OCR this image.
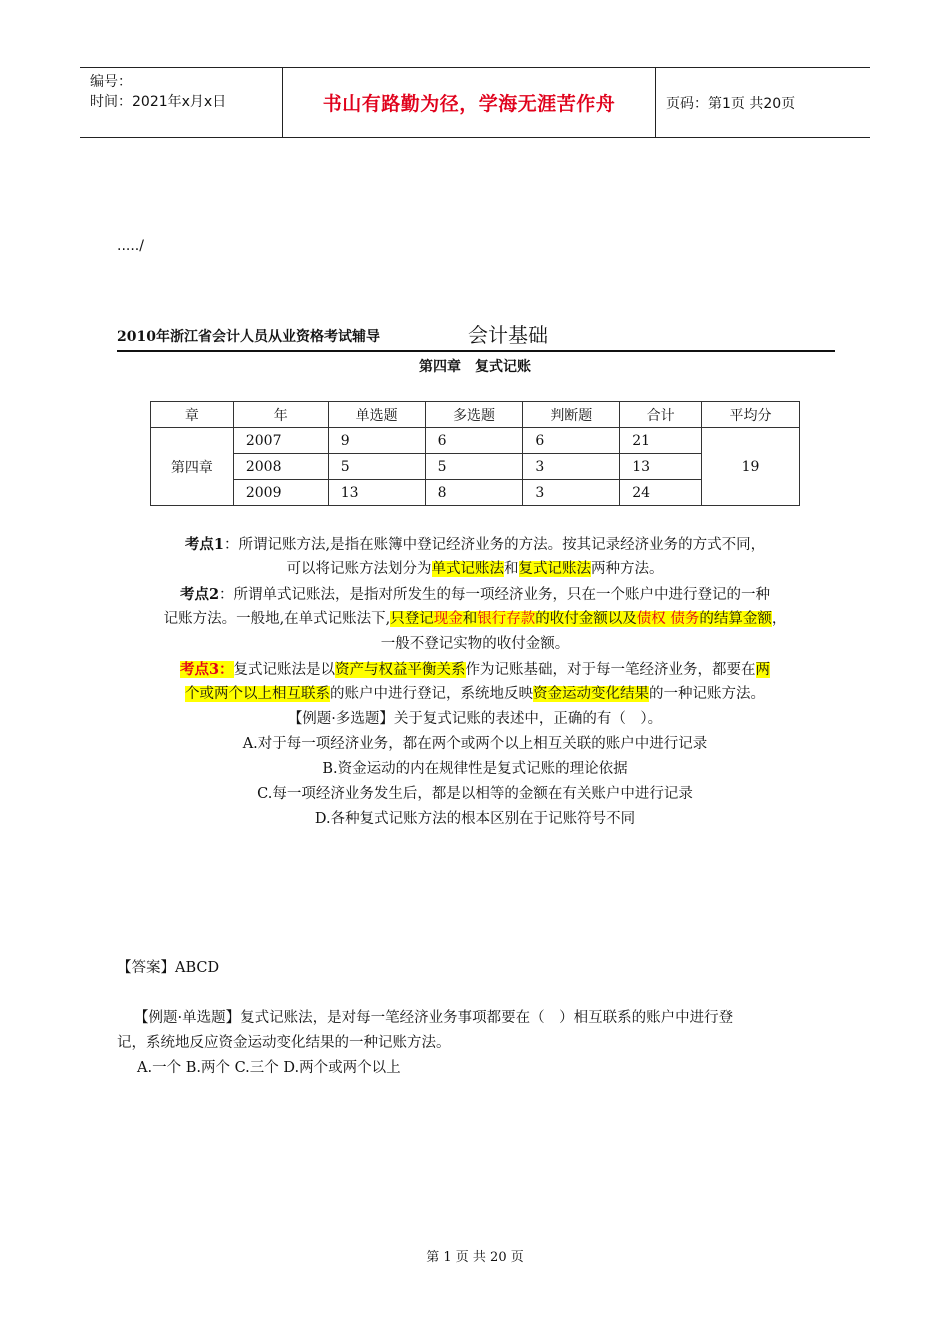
编号：
时间：2021年x月x日	书山有路勤为径，学海无涯苦作舟	页码：第1页 共20页
...../
2010年浙江省会计人员从业资格考试辅导	会计基础
第四章　复式记账
章	年	单选题	多选题	判断题	合计	平均分
第四章	2007	9	6	6	21	19
	2008	5	5	3	13	
	2009	13	8	3	24	
考点1：所谓记账方法,是指在账簿中登记经济业务的方法。按其记录经济业务的方式不同，
可以将记账方法划分为单式记账法和复式记账法两种方法。
考点2：所谓单式记账法，是指对所发生的每一项经济业务，只在一个账户中进行登记的一种
记账方法。一般地,在单式记账法下,只登记现金和银行存款的收付金额以及债权 债务的结算金额，
一般不登记实物的收付金额。
考点3：复式记账法是以资产与权益平衡关系作为记账基础，对于每一笔经济业务，都要在两
个或两个以上相互联系的账户中进行登记，系统地反映资金运动变化结果的一种记账方法。
【例题·多选题】关于复式记账的表述中，正确的有（　）。
A.对于每一项经济业务，都在两个或两个以上相互关联的账户中进行记录
B.资金运动的内在规律性是复式记账的理论依据
C.每一项经济业务发生后，都是以相等的金额在有关账户中进行记录
D.各种复式记账方法的根本区别在于记账符号不同
【答案】ABCD
【例题·单选题】复式记账法，是对每一笔经济业务事项都要在（　）相互联系的账户中进行登
记，系统地反应资金运动变化结果的一种记账方法。
A.一个 B.两个 C.三个 D.两个或两个以上
第 1 页 共 20 页
